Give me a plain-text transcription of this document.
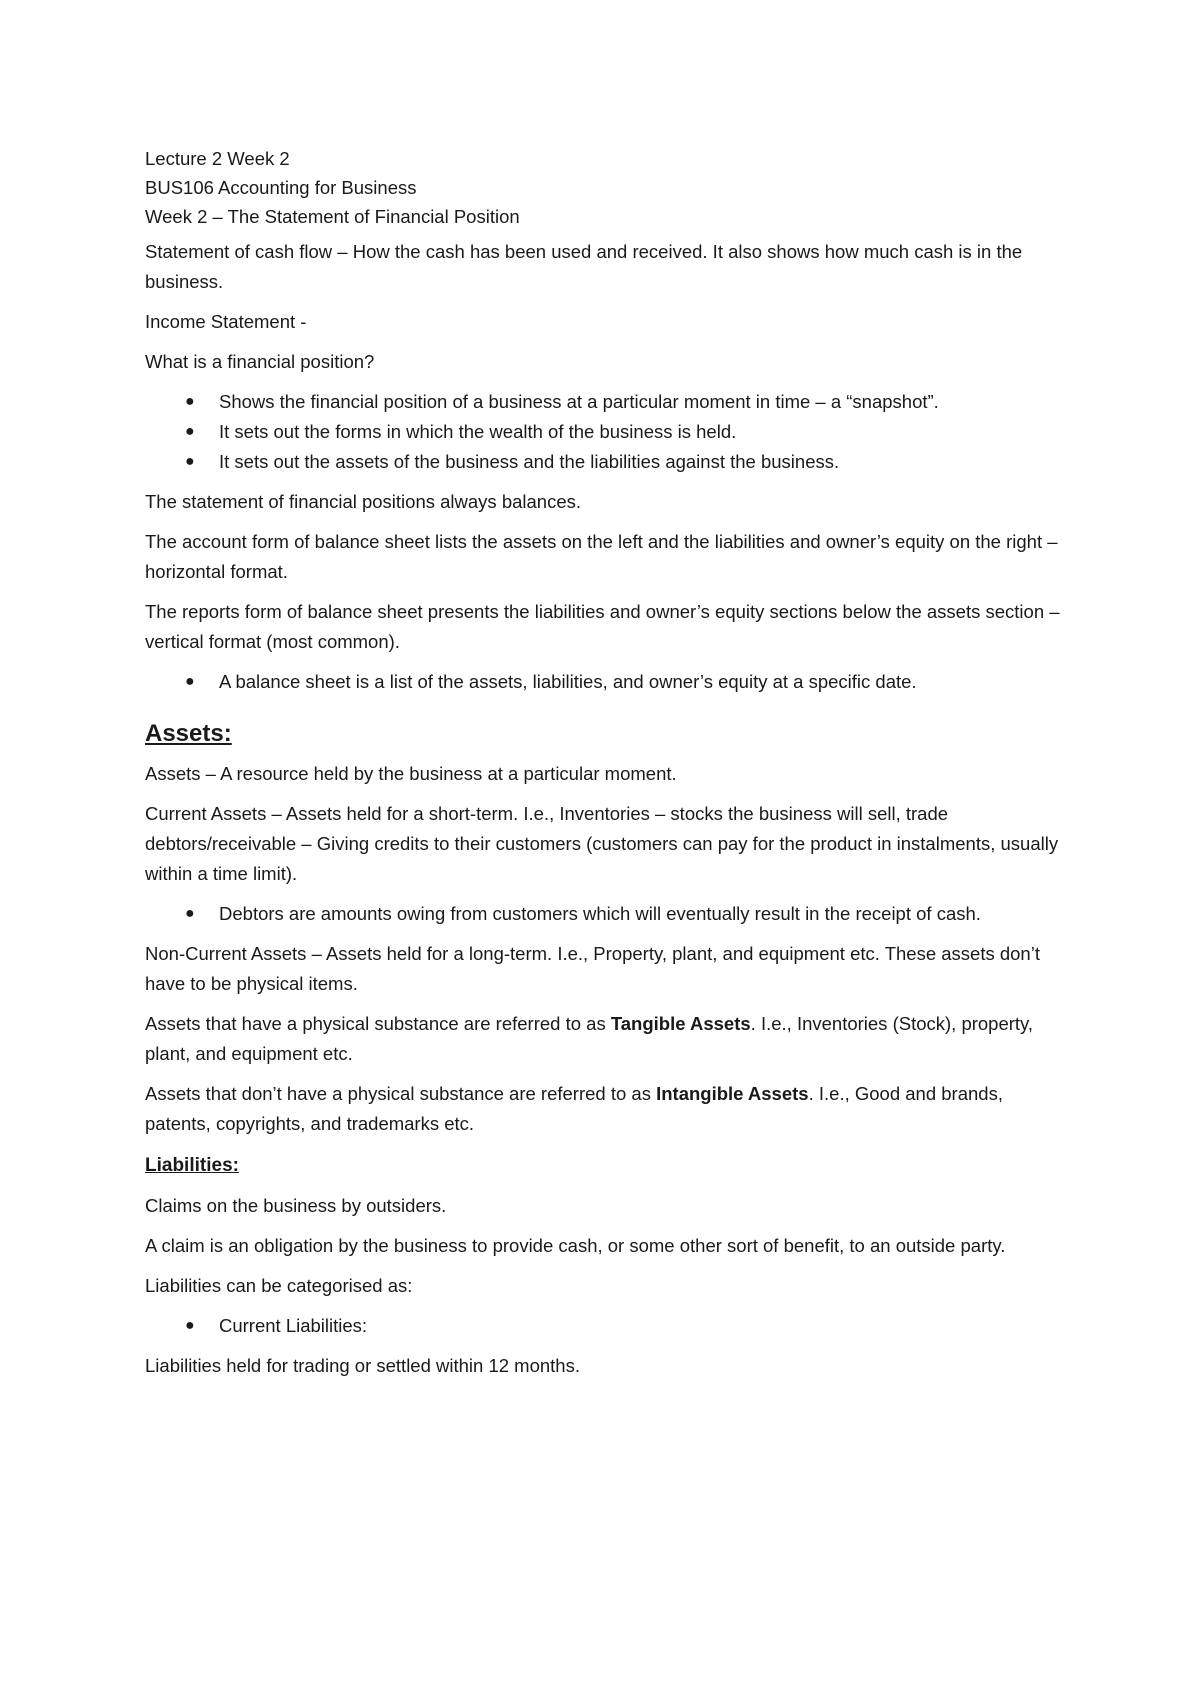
Lecture 2 Week 2

BUS106 Accounting for Business

Week 2 – The Statement of Financial Position

Statement of cash flow – How the cash has been used and received. It also shows how much cash is in the business.

Income Statement -

What is a financial position?

● Shows the financial position of a business at a particular moment in time – a “snapshot”.
● It sets out the forms in which the wealth of the business is held.
● It sets out the assets of the business and the liabilities against the business.

The statement of financial positions always balances.

The account form of balance sheet lists the assets on the left and the liabilities and owner’s equity on the right – horizontal format.

The reports form of balance sheet presents the liabilities and owner’s equity sections below the assets section – vertical format (most common).

● A balance sheet is a list of the assets, liabilities, and owner’s equity at a specific date.

Assets:

Assets – A resource held by the business at a particular moment.

Current Assets – Assets held for a short-term. I.e., Inventories – stocks the business will sell, trade debtors/receivable – Giving credits to their customers (customers can pay for the product in instalments, usually within a time limit).

● Debtors are amounts owing from customers which will eventually result in the receipt of cash.

Non-Current Assets – Assets held for a long-term. I.e., Property, plant, and equipment etc. These assets don’t have to be physical items.

Assets that have a physical substance are referred to as Tangible Assets. I.e., Inventories (Stock), property, plant, and equipment etc.

Assets that don’t have a physical substance are referred to as Intangible Assets. I.e., Good and brands, patents, copyrights, and trademarks etc.

Liabilities:

Claims on the business by outsiders.

A claim is an obligation by the business to provide cash, or some other sort of benefit, to an outside party.

Liabilities can be categorised as:

● Current Liabilities:

Liabilities held for trading or settled within 12 months.
